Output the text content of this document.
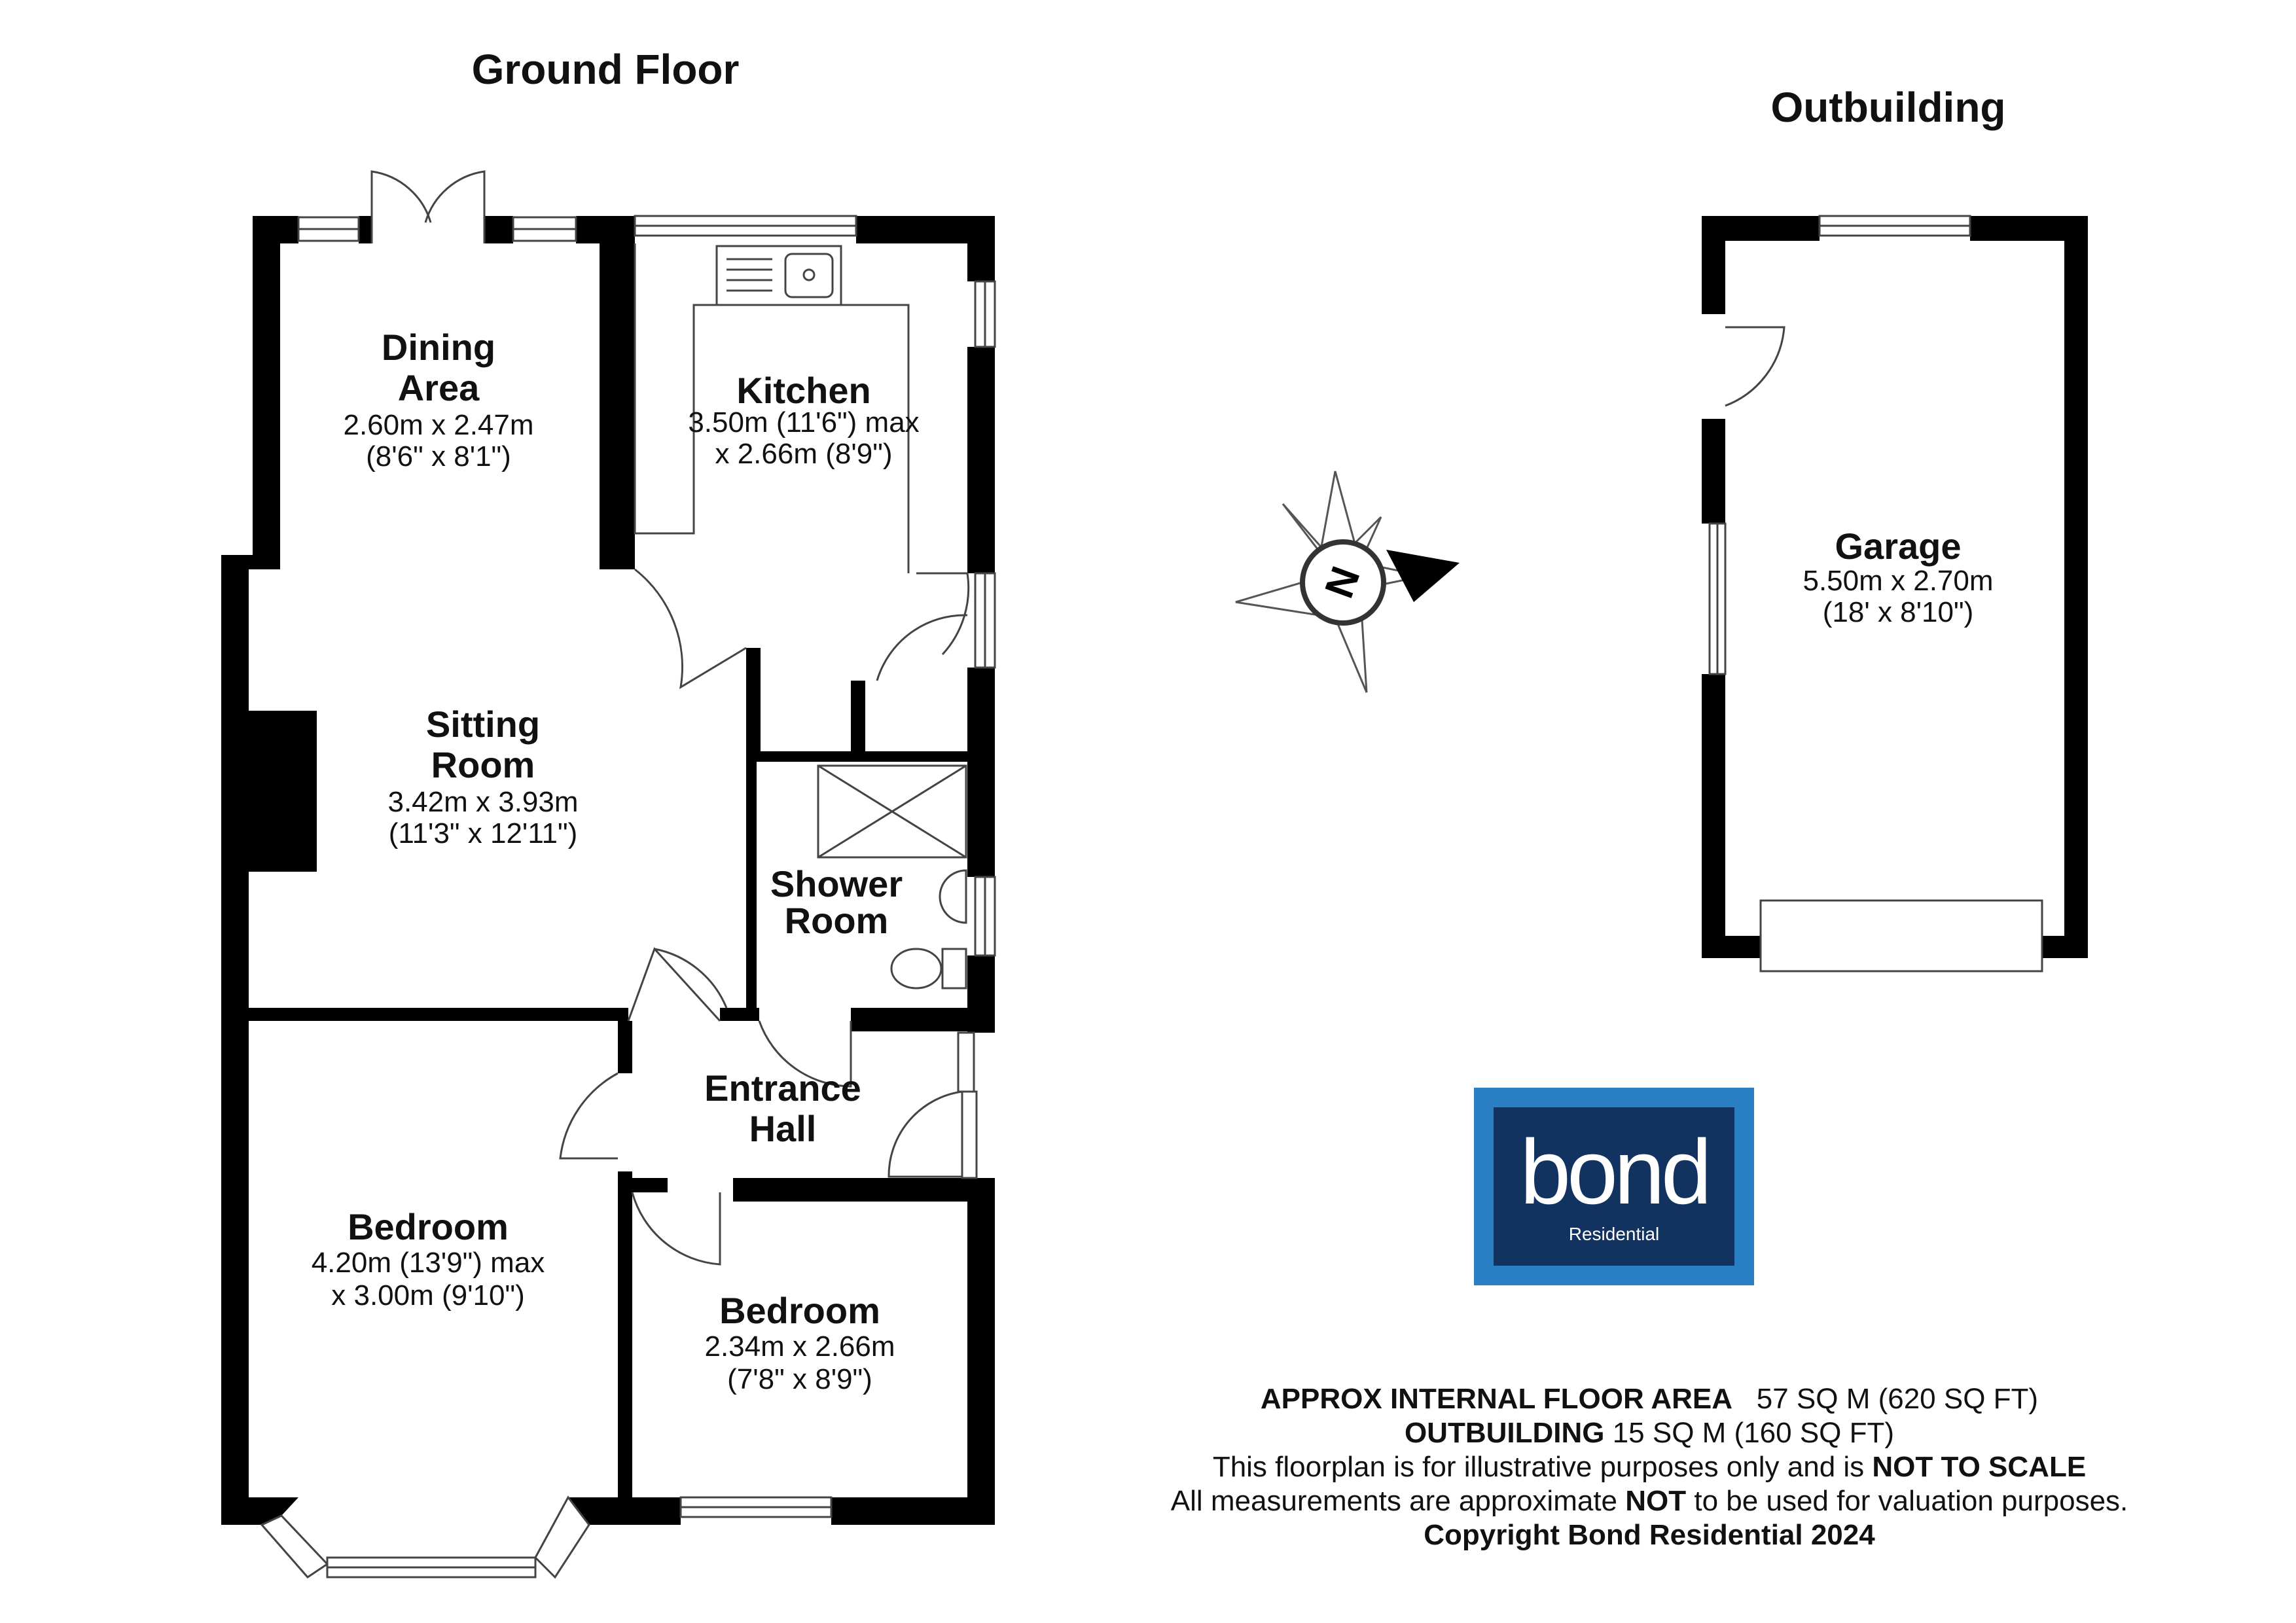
Ground Floor
Outbuilding
Dining
Area
2.60m x 2.47m
(8'6" x 8'1")
Kitchen
3.50m (11'6") max
x 2.66m (8'9")
Sitting
Room
3.42m x 3.93m
(11'3" x 12'11")
Shower
Room
Entrance
Hall
Bedroom
4.20m (13'9") max
x 3.00m (9'10")	Bedroom
2.34m x 2.66m
(7'8" x 8'9")
N
Garage
5.50m x 2.70m
(18' x 8'10")
bond
Residential
APPROX INTERNAL FLOOR AREA 57 SQ M (620 SQ FT)
OUTBUILDING 15 SQ M (160 SQ FT)
This floorplan is for illustrative purposes only and is NOT TO SCALE
All measurements are approximate NOT to be used for valuation purposes.
Copyright Bond Residential 2024
